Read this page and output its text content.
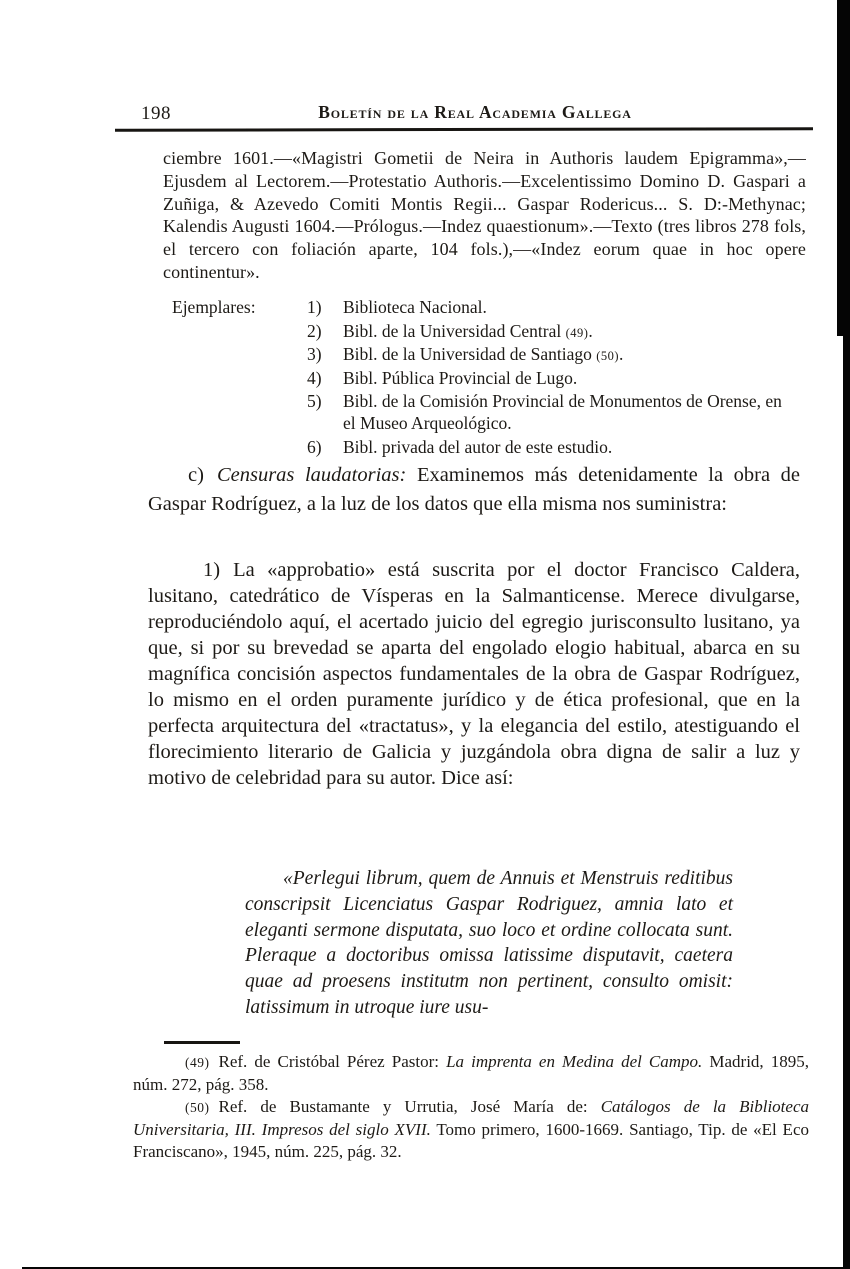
198	Boletín de la Real Academia Gallega

ciembre 1601.—«Magistri Gometii de Neira in Authoris laudem Epigramma»,—Ejusdem al Lectorem.—Protestatio Authoris.—Excelentissimo Domino D. Gaspari a Zuñiga, & Azevedo Comiti Montis Regii... Gaspar Rodericus... S. D:-Methynac; Kalendis Augusti 1604.—Prólogus.—Indez quaestionum».—Texto (tres libros 278 fols, el tercero con foliación aparte, 104 fols.),—«Indez eorum quae in hoc opere continentur».

Ejemplares:	1)	Biblioteca Nacional.
2)	Bibl. de la Universidad Central (49).
3)	Bibl. de la Universidad de Santiago (50).
4)	Bibl. Pública Provincial de Lugo.
5)	Bibl. de la Comisión Provincial de Monumentos de Orense, en el Museo Arqueológico.
6)	Bibl. privada del autor de este estudio.

c) Censuras laudatorias: Examinemos más detenidamente la obra de Gaspar Rodríguez, a la luz de los datos que ella misma nos suministra:

1) La «approbatio» está suscrita por el doctor Francisco Caldera, lusitano, catedrático de Vísperas en la Salmanticense. Merece divulgarse, reproduciéndolo aquí, el acertado juicio del egregio jurisconsulto lusitano, ya que, si por su brevedad se aparta del engolado elogio habitual, abarca en su magnífica concisión aspectos fundamentales de la obra de Gaspar Rodríguez, lo mismo en el orden puramente jurídico y de ética profesional, que en la perfecta arquitectura del «tractatus», y la elegancia del estilo, atestiguando el florecimiento literario de Galicia y juzgándola obra digna de salir a luz y motivo de celebridad para su autor. Dice así:

«Perlegui librum, quem de Annuis et Menstruis reditibus conscripsit Licenciatus Gaspar Rodriguez, amnia lato et eleganti sermone disputata, suo loco et ordine collocata sunt. Pleraque a doctoribus omissa latissime disputavit, caetera quae ad proesens institutm non pertinent, consulto omisit: latissimum in utroque iure usu-

(49) Ref. de Cristóbal Pérez Pastor: La imprenta en Medina del Campo. Madrid, 1895, núm. 272, pág. 358.

(50) Ref. de Bustamante y Urrutia, José María de: Catálogos de la Biblioteca Universitaria, III. Impresos del siglo XVII. Tomo primero, 1600-1669. Santiago, Tip. de «El Eco Franciscano», 1945, núm. 225, pág. 32.
